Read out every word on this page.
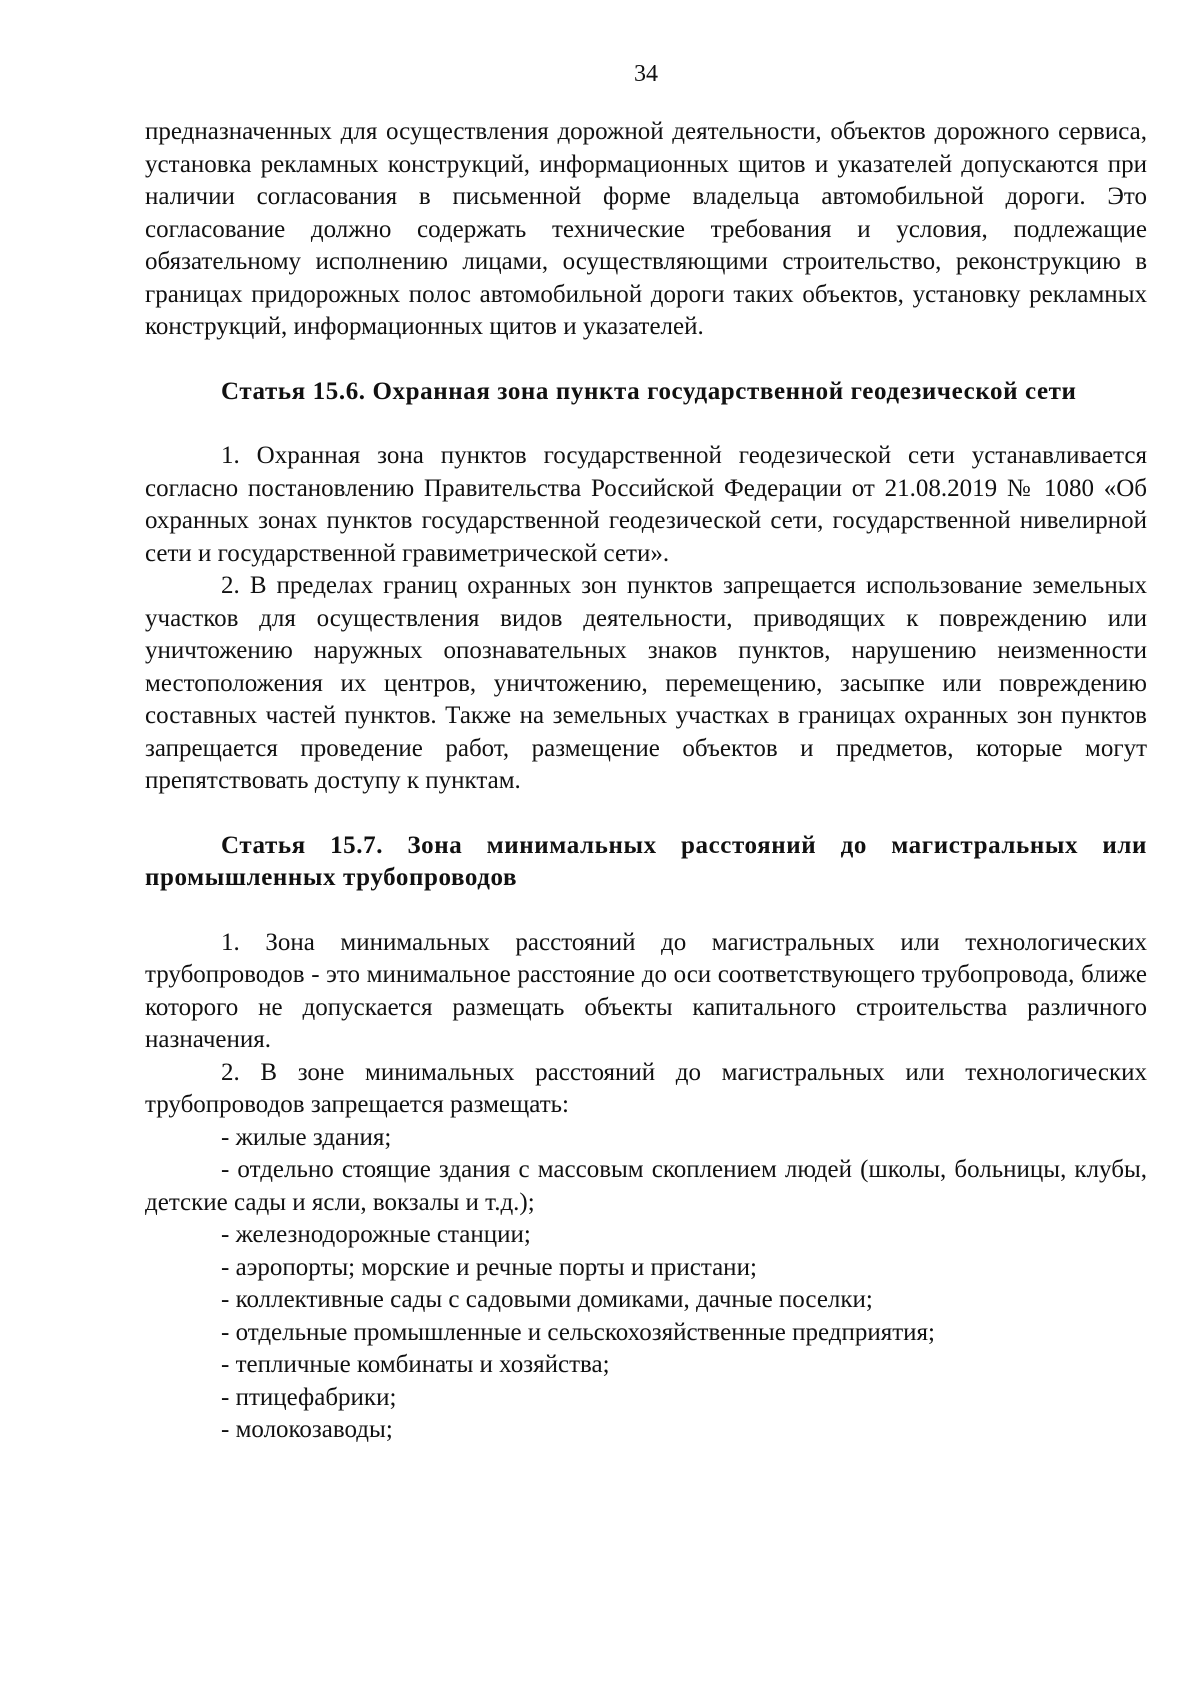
34

предназначенных для осуществления дорожной деятельности, объектов дорожного сервиса, установка рекламных конструкций, информационных щитов и указателей допускаются при наличии согласования в письменной форме владельца автомобильной дороги. Это согласование должно содержать технические требования и условия, подлежащие обязательному исполнению лицами, осуществляющими строительство, реконструкцию в границах придорожных полос автомобильной дороги таких объектов, установку рекламных конструкций, информационных щитов и указателей.

Статья 15.6. Охранная зона пункта государственной геодезической сети

1. Охранная зона пунктов государственной геодезической сети устанавливается согласно постановлению Правительства Российской Федерации от 21.08.2019 № 1080 «Об охранных зонах пунктов государственной геодезической сети, государственной нивелирной сети и государственной гравиметрической сети».

2. В пределах границ охранных зон пунктов запрещается использование земельных участков для осуществления видов деятельности, приводящих к повреждению или уничтожению наружных опознавательных знаков пунктов, нарушению неизменности местоположения их центров, уничтожению, перемещению, засыпке или повреждению составных частей пунктов. Также на земельных участках в границах охранных зон пунктов запрещается проведение работ, размещение объектов и предметов, которые могут препятствовать доступу к пунктам.

Статья 15.7. Зона минимальных расстояний до магистральных или промышленных трубопроводов

1. Зона минимальных расстояний до магистральных или технологических трубопроводов - это минимальное расстояние до оси соответствующего трубопровода, ближе которого не допускается размещать объекты капитального строительства различного назначения.

2. В зоне минимальных расстояний до магистральных или технологических трубопроводов запрещается размещать:

- жилые здания;

- отдельно стоящие здания с массовым скоплением людей (школы, больницы, клубы, детские сады и ясли, вокзалы и т.д.);

- железнодорожные станции;

- аэропорты; морские и речные порты и пристани;

- коллективные сады с садовыми домиками, дачные поселки;

- отдельные промышленные и сельскохозяйственные предприятия;

- тепличные комбинаты и хозяйства;

- птицефабрики;

- молокозаводы;
